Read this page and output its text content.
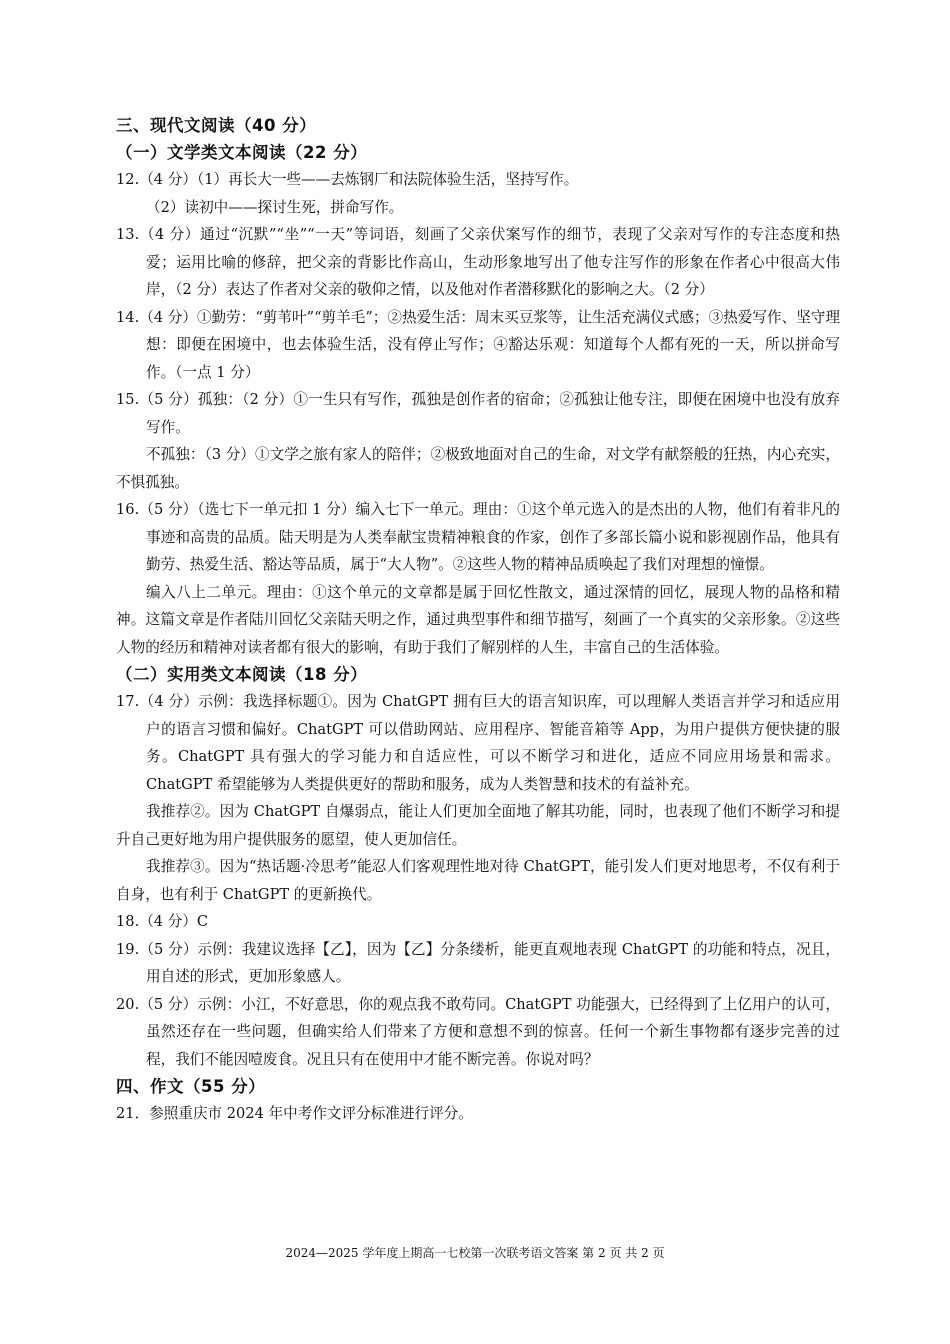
三、现代文阅读（40 分）
（一）文学类文本阅读（22 分）
12.（4 分）（1）再长大一些——去炼钢厂和法院体验生活，坚持写作。
（2）读初中——探讨生死，拼命写作。
13.（4 分）通过“沉默”“坐”“一天”等词语，刻画了父亲伏案写作的细节，表现了父亲对写作的专注态度和热爱；运用比喻的修辞，把父亲的背影比作高山，生动形象地写出了他专注写作的形象在作者心中很高大伟岸，（2 分）表达了作者对父亲的敬仰之情，以及他对作者潜移默化的影响之大。（2 分）
14.（4 分）①勤劳：“剪苇叶”“剪羊毛”；②热爱生活：周末买豆浆等，让生活充满仪式感；③热爱写作、坚守理想：即便在困境中，也去体验生活，没有停止写作；④豁达乐观：知道每个人都有死的一天，所以拼命写作。（一点 1 分）
15.（5 分）孤独：（2 分）①一生只有写作，孤独是创作者的宿命；②孤独让他专注，即便在困境中也没有放弃写作。
不孤独：（3 分）①文学之旅有家人的陪伴；②极致地面对自己的生命，对文学有献祭般的狂热，内心充实，不惧孤独。
16.（5 分）（选七下一单元扣 1 分）编入七下一单元。理由：①这个单元选入的是杰出的人物，他们有着非凡的事迹和高贵的品质。陆天明是为人类奉献宝贵精神粮食的作家，创作了多部长篇小说和影视剧作品，他具有勤劳、热爱生活、豁达等品质，属于“大人物”。②这些人物的精神品质唤起了我们对理想的憧憬。
编入八上二单元。理由：①这个单元的文章都是属于回忆性散文，通过深情的回忆，展现人物的品格和精神。这篇文章是作者陆川回忆父亲陆天明之作，通过典型事件和细节描写，刻画了一个真实的父亲形象。②这些人物的经历和精神对读者都有很大的影响，有助于我们了解别样的人生，丰富自己的生活体验。
（二）实用类文本阅读（18 分）
17.（4 分）示例：我选择标题①。因为 ChatGPT 拥有巨大的语言知识库，可以理解人类语言并学习和适应用户的语言习惯和偏好。ChatGPT 可以借助网站、应用程序、智能音箱等 App，为用户提供方便快捷的服务。ChatGPT 具有强大的学习能力和自适应性，可以不断学习和进化，适应不同应用场景和需求。ChatGPT 希望能够为人类提供更好的帮助和服务，成为人类智慧和技术的有益补充。
我推荐②。因为 ChatGPT 自爆弱点，能让人们更加全面地了解其功能，同时，也表现了他们不断学习和提升自己更好地为用户提供服务的愿望，使人更加信任。
我推荐③。因为“热话题·冷思考”能忍人们客观理性地对待 ChatGPT，能引发人们更对地思考，不仅有利于自身，也有利于 ChatGPT 的更新换代。
18.（4 分）C
19.（5 分）示例：我建议选择【乙】，因为【乙】分条缕析，能更直观地表现 ChatGPT 的功能和特点，况且，用自述的形式，更加形象感人。
20.（5 分）示例：小江，不好意思，你的观点我不敢苟同。ChatGPT 功能强大，已经得到了上亿用户的认可，虽然还存在一些问题，但确实给人们带来了方便和意想不到的惊喜。任何一个新生事物都有逐步完善的过程，我们不能因噎废食。况且只有在使用中才能不断完善。你说对吗？
四、作文（55 分）
21．参照重庆市 2024 年中考作文评分标准进行评分。
2024—2025 学年度上期高一七校第一次联考语文答案 第 2 页 共 2 页
